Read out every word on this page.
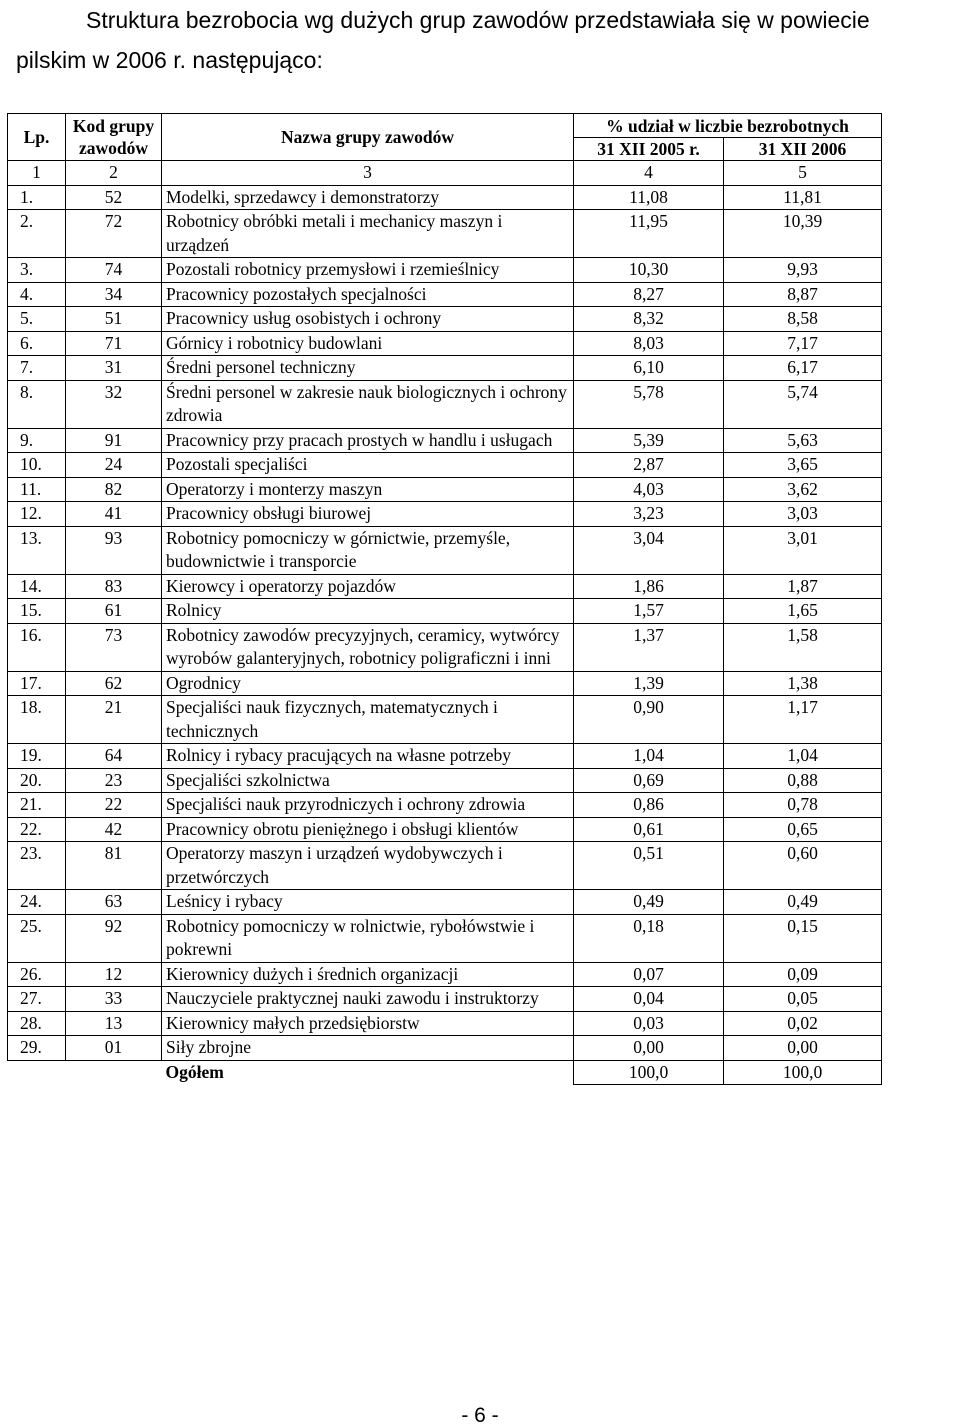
Struktura bezrobocia wg dużych grup zawodów przedstawiała się w powiecie pilskim w 2006 r. następująco:
Lp.	Kod grupy zawodów	Nazwa grupy zawodów	% udział w liczbie bezrobotnych	
			31 XII 2005 r.	31 XII 2006
1	2	3	4	5
1.	52	Modelki, sprzedawcy i demonstratorzy	11,08	11,81
2.	72	Robotnicy obróbki metali i mechanicy maszyn i urządzeń	11,95	10,39
3.	74	Pozostali robotnicy przemysłowi i rzemieślnicy	10,30	9,93
4.	34	Pracownicy pozostałych specjalności	8,27	8,87
5.	51	Pracownicy usług osobistych i ochrony	8,32	8,58
6.	71	Górnicy i robotnicy budowlani	8,03	7,17
7.	31	Średni personel techniczny	6,10	6,17
8.	32	Średni personel w zakresie nauk biologicznych i ochrony zdrowia	5,78	5,74
9.	91	Pracownicy przy pracach prostych w handlu i usługach	5,39	5,63
10.	24	Pozostali specjaliści	2,87	3,65
11.	82	Operatorzy i monterzy maszyn	4,03	3,62
12.	41	Pracownicy obsługi biurowej	3,23	3,03
13.	93	Robotnicy pomocniczy w górnictwie, przemyśle, budownictwie i transporcie	3,04	3,01
14.	83	Kierowcy i operatorzy pojazdów	1,86	1,87
15.	61	Rolnicy	1,57	1,65
16.	73	Robotnicy zawodów precyzyjnych, ceramicy, wytwórcy wyrobów galanteryjnych, robotnicy poligraficzni i inni	1,37	1,58
17.	62	Ogrodnicy	1,39	1,38
18.	21	Specjaliści nauk fizycznych, matematycznych i technicznych	0,90	1,17
19.	64	Rolnicy i rybacy pracujących na własne potrzeby	1,04	1,04
20.	23	Specjaliści szkolnictwa	0,69	0,88
21.	22	Specjaliści nauk przyrodniczych i ochrony zdrowia	0,86	0,78
22.	42	Pracownicy obrotu pieniężnego i obsługi klientów	0,61	0,65
23.	81	Operatorzy maszyn i urządzeń wydobywczych i przetwórczych	0,51	0,60
24.	63	Leśnicy i rybacy	0,49	0,49
25.	92	Robotnicy pomocniczy w rolnictwie, rybołówstwie i pokrewni	0,18	0,15
26.	12	Kierownicy dużych i średnich organizacji	0,07	0,09
27.	33	Nauczyciele praktycznej nauki zawodu i instruktorzy	0,04	0,05
28.	13	Kierownicy małych przedsiębiorstw	0,03	0,02
29.	01	Siły zbrojne	0,00	0,00
		Ogółem	100,0	100,0
- 6 -
